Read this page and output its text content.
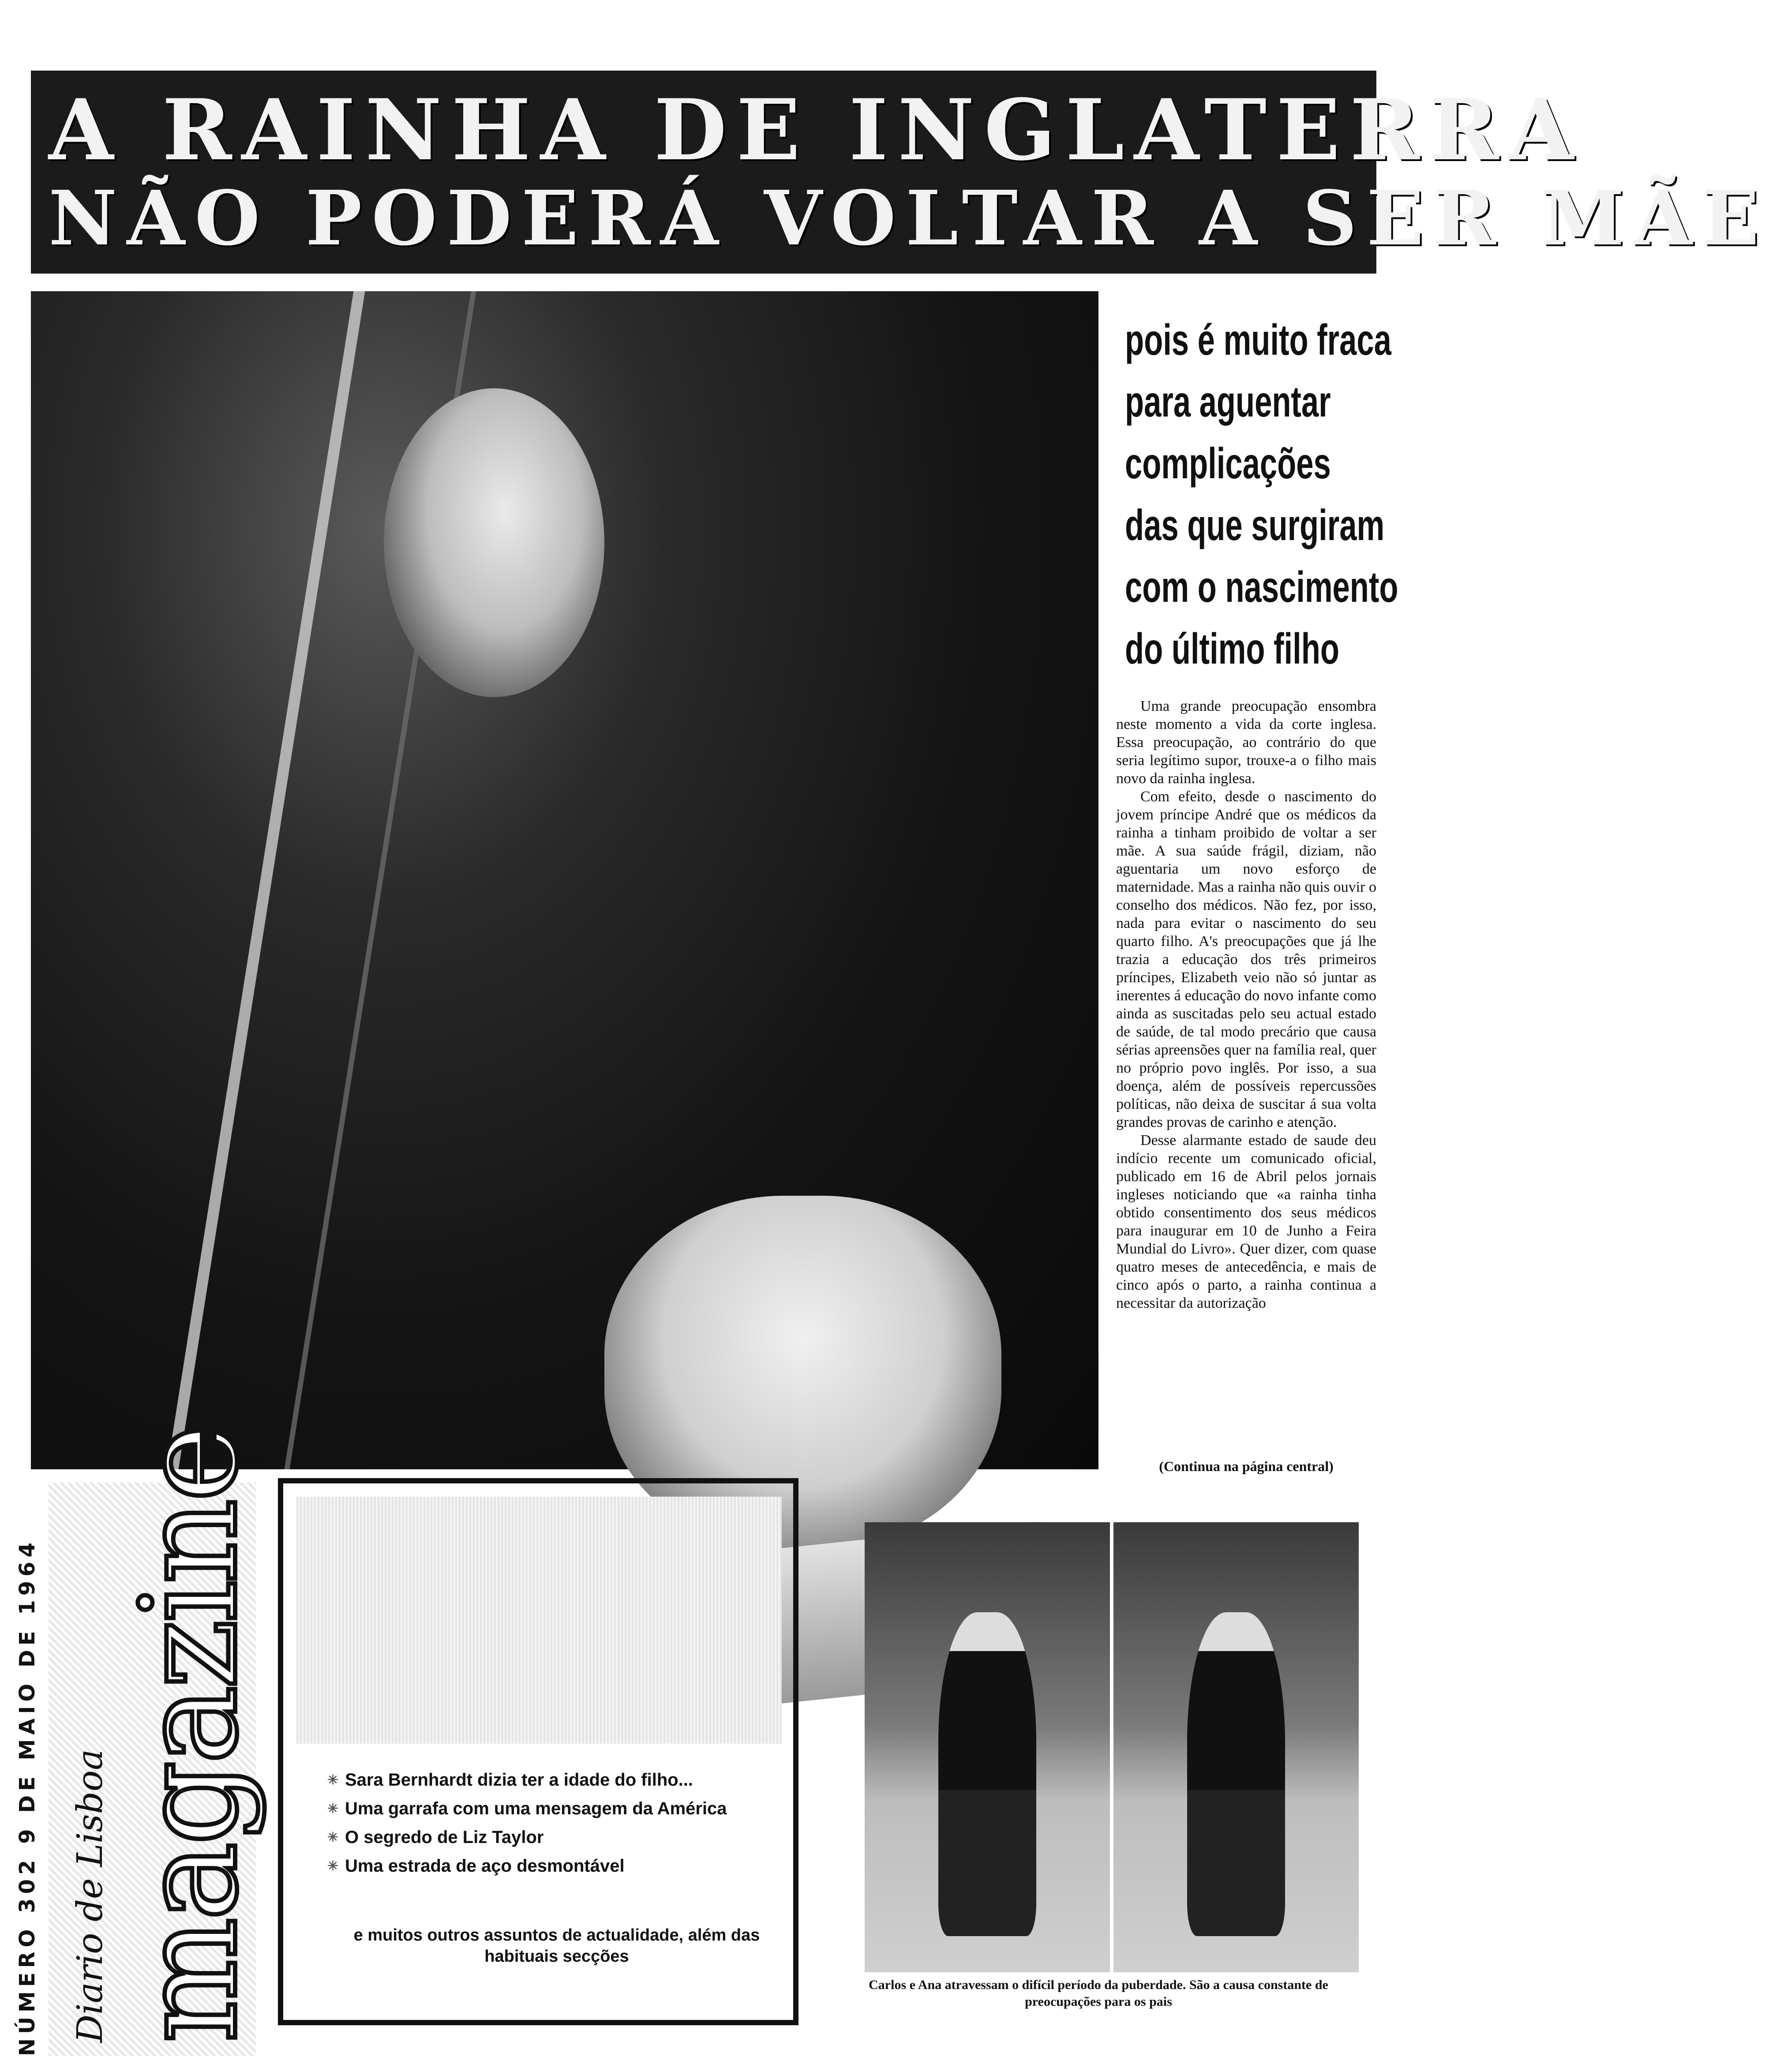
A RAINHA DE INGLATERRA
NÃO PODERÁ VOLTAR A SER MÃE
pois é muito fraca
para aguentar
complicações
das que surgiram
com o nascimento
do último filho

Uma grande preocupação ensombra neste momento a vida da corte inglesa. Essa preocupação, ao contrário do que seria legítimo supor, trouxe-a o filho mais novo da rainha inglesa.

Com efeito, desde o nascimento do jovem príncipe André que os médicos da rainha a tinham proibido de voltar a ser mãe. A sua saúde frágil, diziam, não aguentaria um novo esforço de maternidade. Mas a rainha não quis ouvir o conselho dos médicos. Não fez, por isso, nada para evitar o nascimento do seu quarto filho. A's preocupações que já lhe trazia a educação dos três primeiros príncipes, Elizabeth veio não só juntar as inerentes á educação do novo infante como ainda as suscitadas pelo seu actual estado de saúde, de tal modo precário que causa sérias apreensões quer na família real, quer no próprio povo inglês. Por isso, a sua doença, além de possíveis repercussões políticas, não deixa de suscitar á sua volta grandes provas de carinho e atenção.

Desse alarmante estado de saude deu indício recente um comunicado oficial, publicado em 16 de Abril pelos jornais ingleses noticiando que «a rainha tinha obtido consentimento dos seus médicos para inaugurar em 10 de Junho a Feira Mundial do Livro». Quer dizer, com quase quatro meses de antecedência, e mais de cinco após o parto, a rainha continua a necessitar da autorização

(Continua na página central)
NÚMERO 302 9 DE MAIO DE 1964 Diario de Lisboa magazine	✳ Sara Bernhardt dizia ter a idade do filho...
✳ Uma garrafa com uma mensagem da América
✳ O segredo de Liz Taylor
✳ Uma estrada de aço desmontável
e muitos outros assuntos de actualidade, além das habituais secções
Carlos e Ana atravessam o difícil período da puberdade. São a causa constante de preocupações para os pais
